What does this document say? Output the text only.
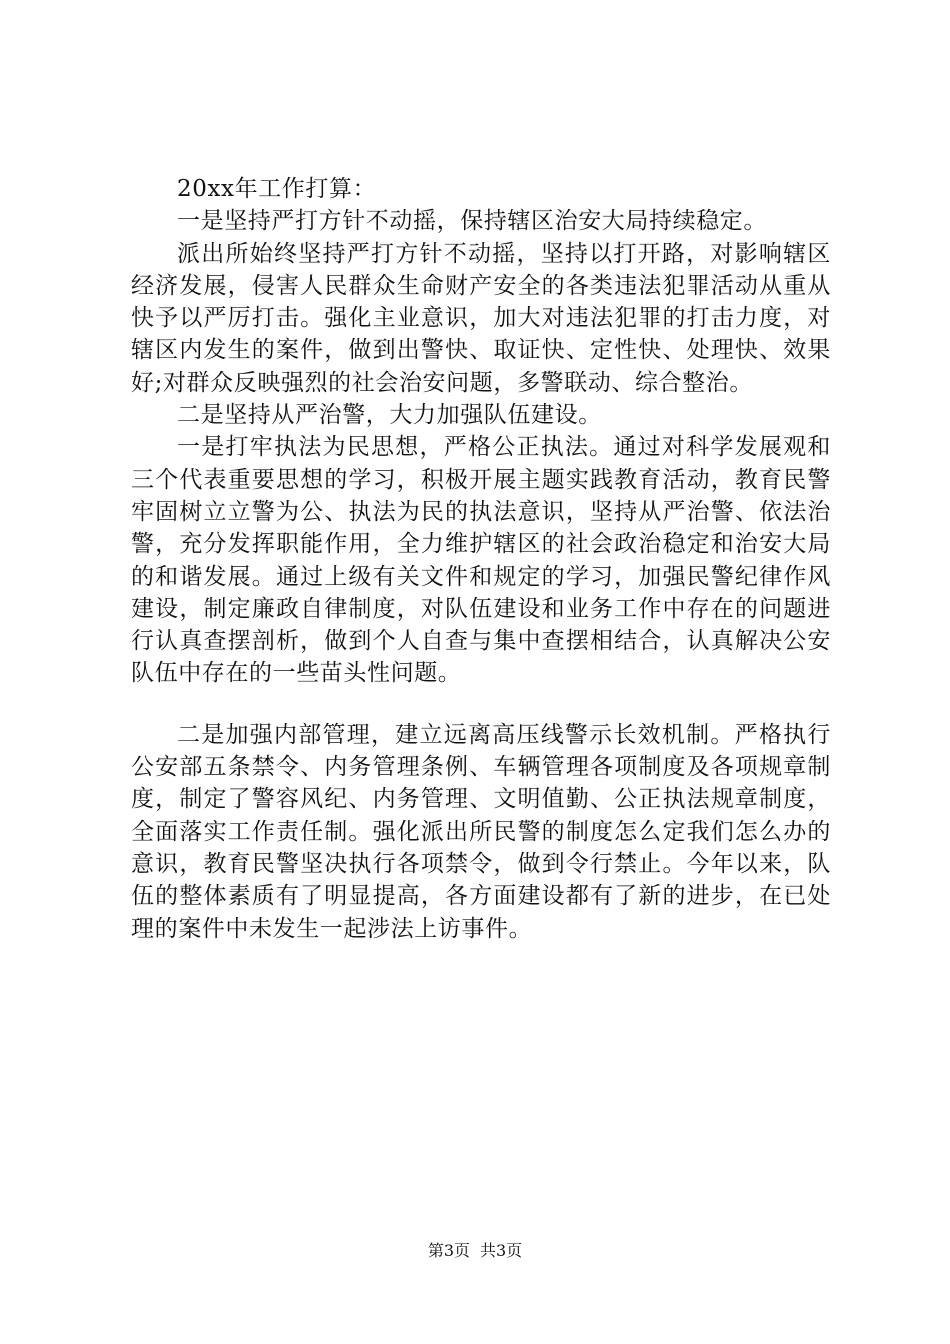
20xx年工作打算：

一是坚持严打方针不动摇，保持辖区治安大局持续稳定。

派出所始终坚持严打方针不动摇，坚持以打开路，对影响辖区经济发展，侵害人民群众生命财产安全的各类违法犯罪活动从重从快予以严厉打击。强化主业意识，加大对违法犯罪的打击力度，对辖区内发生的案件，做到出警快、取证快、定性快、处理快、效果好;对群众反映强烈的社会治安问题，多警联动、综合整治。

二是坚持从严治警，大力加强队伍建设。

一是打牢执法为民思想，严格公正执法。通过对科学发展观和三个代表重要思想的学习，积极开展主题实践教育活动，教育民警牢固树立立警为公、执法为民的执法意识，坚持从严治警、依法治警，充分发挥职能作用，全力维护辖区的社会政治稳定和治安大局的和谐发展。通过上级有关文件和规定的学习，加强民警纪律作风建设，制定廉政自律制度，对队伍建设和业务工作中存在的问题进行认真查摆剖析，做到个人自查与集中查摆相结合，认真解决公安队伍中存在的一些苗头性问题。

二是加强内部管理，建立远离高压线警示长效机制。严格执行公安部五条禁令、内务管理条例、车辆管理各项制度及各项规章制度，制定了警容风纪、内务管理、文明值勤、公正执法规章制度，全面落实工作责任制。强化派出所民警的制度怎么定我们怎么办的意识，教育民警坚决执行各项禁令，做到令行禁止。今年以来，队伍的整体素质有了明显提高，各方面建设都有了新的进步，在已处理的案件中未发生一起涉法上访事件。

第3页 共3页
